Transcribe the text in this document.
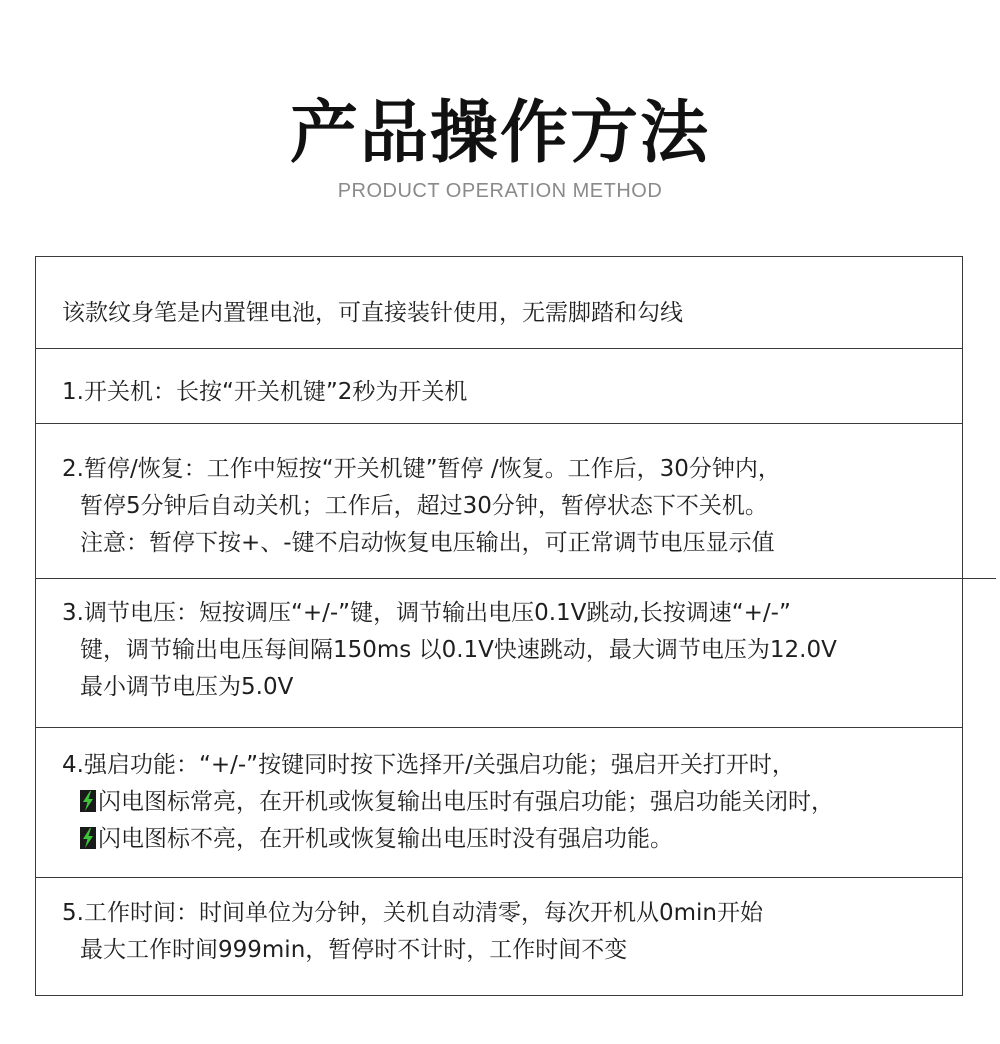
产品操作方法
PRODUCT OPERATION METHOD
该款纹身笔是内置锂电池，可直接装针使用，无需脚踏和勾线
1.开关机：长按“开关机键”2秒为开关机
2.暂停/恢复：工作中短按“开关机键”暂停 /恢复。工作后，30分钟内，
暂停5分钟后自动关机；工作后，超过30分钟，暂停状态下不关机。
注意：暂停下按+、-键不启动恢复电压输出，可正常调节电压显示值
3.调节电压：短按调压“+/-”键，调节输出电压0.1V跳动,长按调速“+/-”
键，调节输出电压每间隔150ms 以0.1V快速跳动，最大调节电压为12.0V
最小调节电压为5.0V
4.强启功能：“+/-”按键同时按下选择开/关强启功能；强启开关打开时，
闪电图标常亮，在开机或恢复输出电压时有强启功能；强启功能关闭时，
闪电图标不亮，在开机或恢复输出电压时没有强启功能。
5.工作时间：时间单位为分钟，关机自动清零，每次开机从0min开始
最大工作时间999min，暂停时不计时，工作时间不变
